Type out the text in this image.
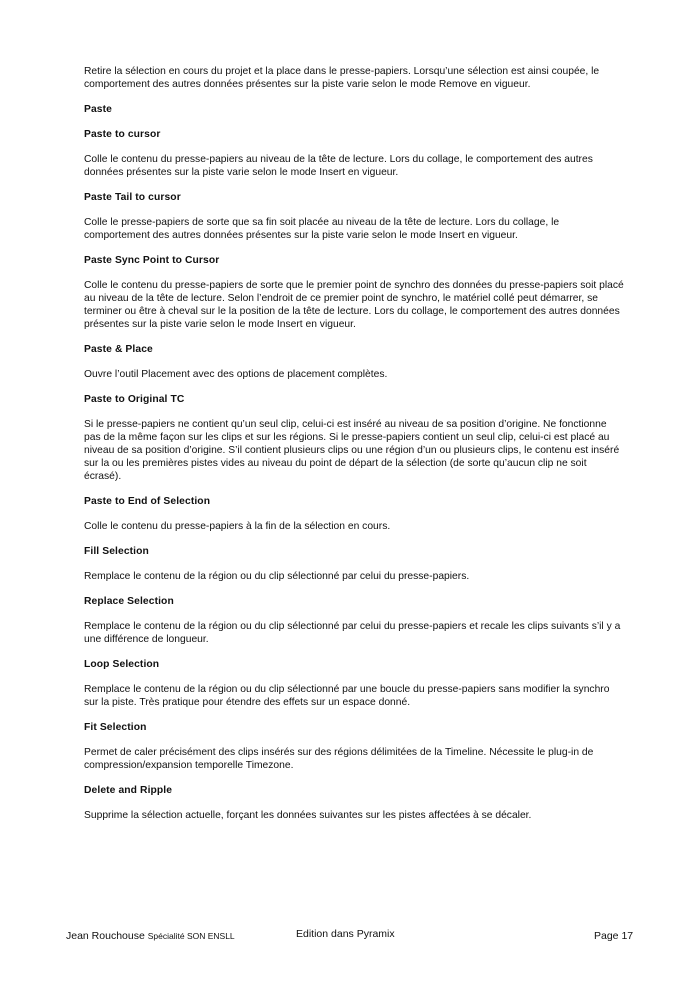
Retire la sélection en cours du projet et la place dans le presse-papiers. Lorsqu’une sélection est ainsi coupée, le comportement des autres données présentes sur la piste varie selon le mode Remove en vigueur.

Paste

Paste to cursor

Colle le contenu du presse-papiers au niveau de la tête de lecture. Lors du collage, le comportement des autres données présentes sur la piste varie selon le mode Insert en vigueur.

Paste Tail to cursor

Colle le presse-papiers de sorte que sa fin soit placée au niveau de la tête de lecture. Lors du collage, le comportement des autres données présentes sur la piste varie selon le mode Insert en vigueur.

Paste Sync Point to Cursor

Colle le contenu du presse-papiers de sorte que le premier point de synchro des données du presse-papiers soit placé au niveau de la tête de lecture. Selon l’endroit de ce premier point de synchro, le matériel collé peut démarrer, se terminer ou être à cheval sur le la position de la tête de lecture. Lors du collage, le comportement des autres données présentes sur la piste varie selon le mode Insert en vigueur.

Paste & Place

Ouvre l’outil Placement avec des options de placement complètes.

Paste to Original TC

Si le presse-papiers ne contient qu’un seul clip, celui-ci est inséré au niveau de sa position d’origine. Ne fonctionne pas de la même façon sur les clips et sur les régions. Si le presse-papiers contient un seul clip, celui-ci est placé au niveau de sa position d’origine. S’il contient plusieurs clips ou une région d’un ou plusieurs clips, le contenu est inséré sur la ou les premières pistes vides au niveau du point de départ de la sélection (de sorte qu’aucun clip ne soit écrasé).

Paste to End of Selection

Colle le contenu du presse-papiers à la fin de la sélection en cours.

Fill Selection

Remplace le contenu de la région ou du clip sélectionné par celui du presse-papiers.

Replace Selection

Remplace le contenu de la région ou du clip sélectionné par celui du presse-papiers et recale les clips suivants s’il y a une différence de longueur.

Loop Selection

Remplace le contenu de la région ou du clip sélectionné par une boucle du presse-papiers sans modifier la synchro sur la piste. Très pratique pour étendre des effets sur un espace donné.

Fit Selection

Permet de caler précisément des clips insérés sur des régions délimitées de la Timeline. Nécessite le plug-in de compression/expansion temporelle Timezone.

Delete and Ripple

Supprime la sélection actuelle, forçant les données suivantes sur les pistes affectées à se décaler.

Jean Rouchouse Spécialité SON ENSLL	Edition dans Pyramix	Page 17
